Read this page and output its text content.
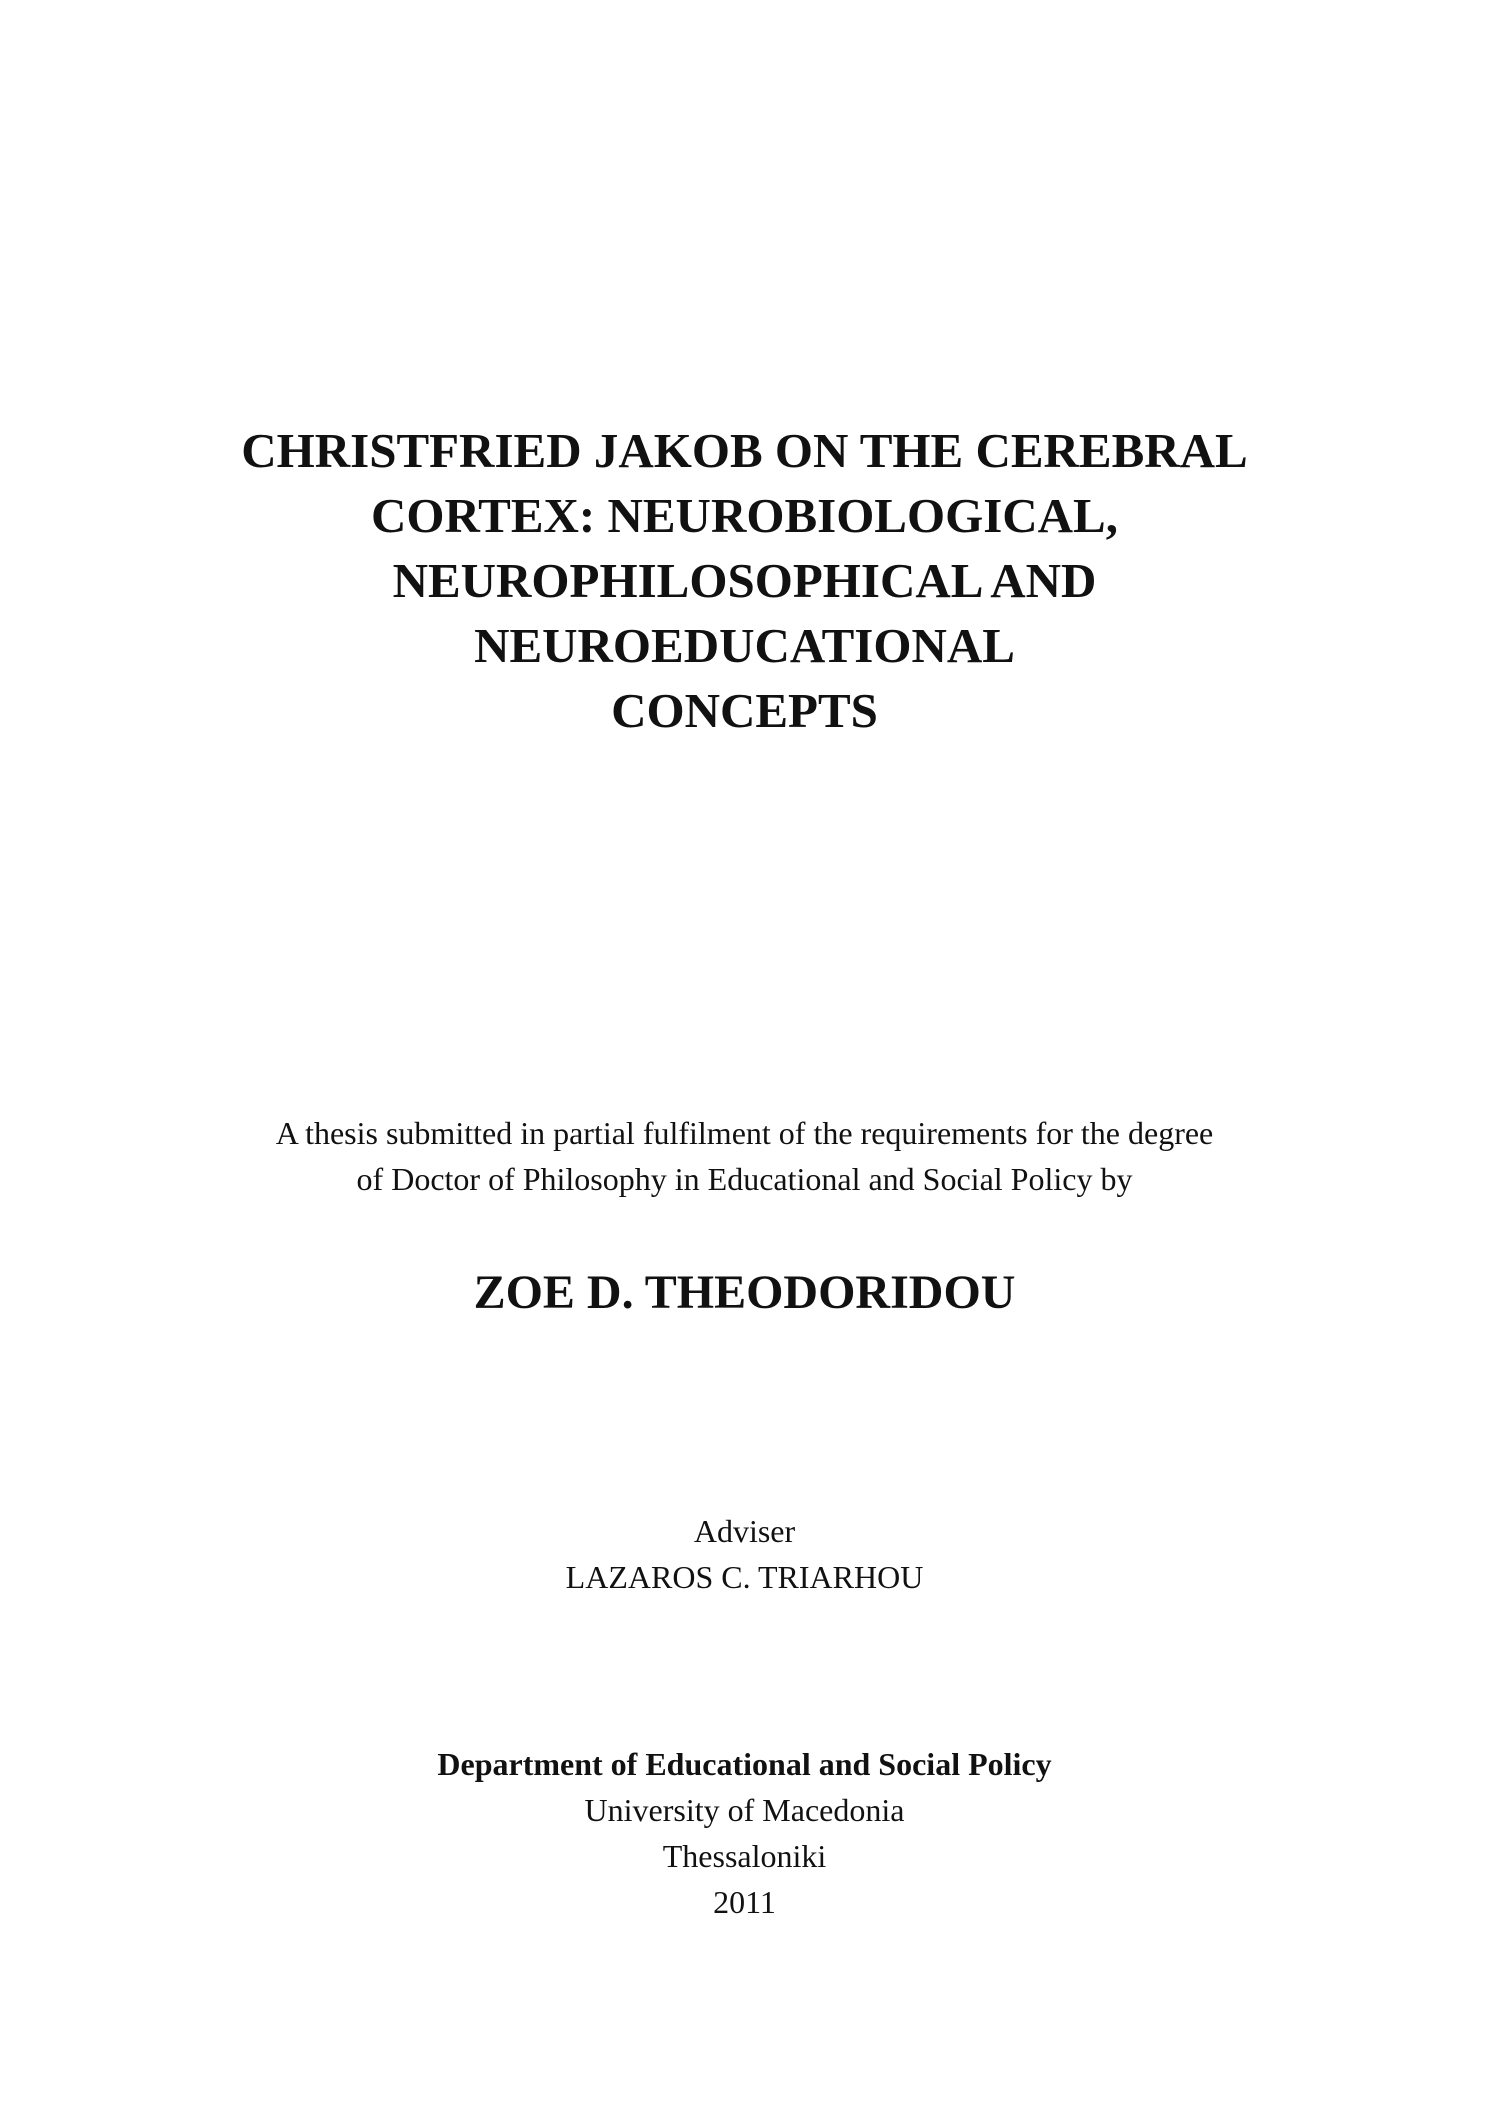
CHRISTFRIED JAKOB ON THE CEREBRAL
CORTEX: NEUROBIOLOGICAL,
NEUROPHILOSOPHICAL AND
NEUROEDUCATIONAL
CONCEPTS
A thesis submitted in partial fulfilment of the requirements for the degree
of Doctor of Philosophy in Educational and Social Policy by
ZOE D. THEODORIDOU
Adviser
LAZAROS C. TRIARHOU
Department of Educational and Social Policy
University of Macedonia
Thessaloniki
2011
